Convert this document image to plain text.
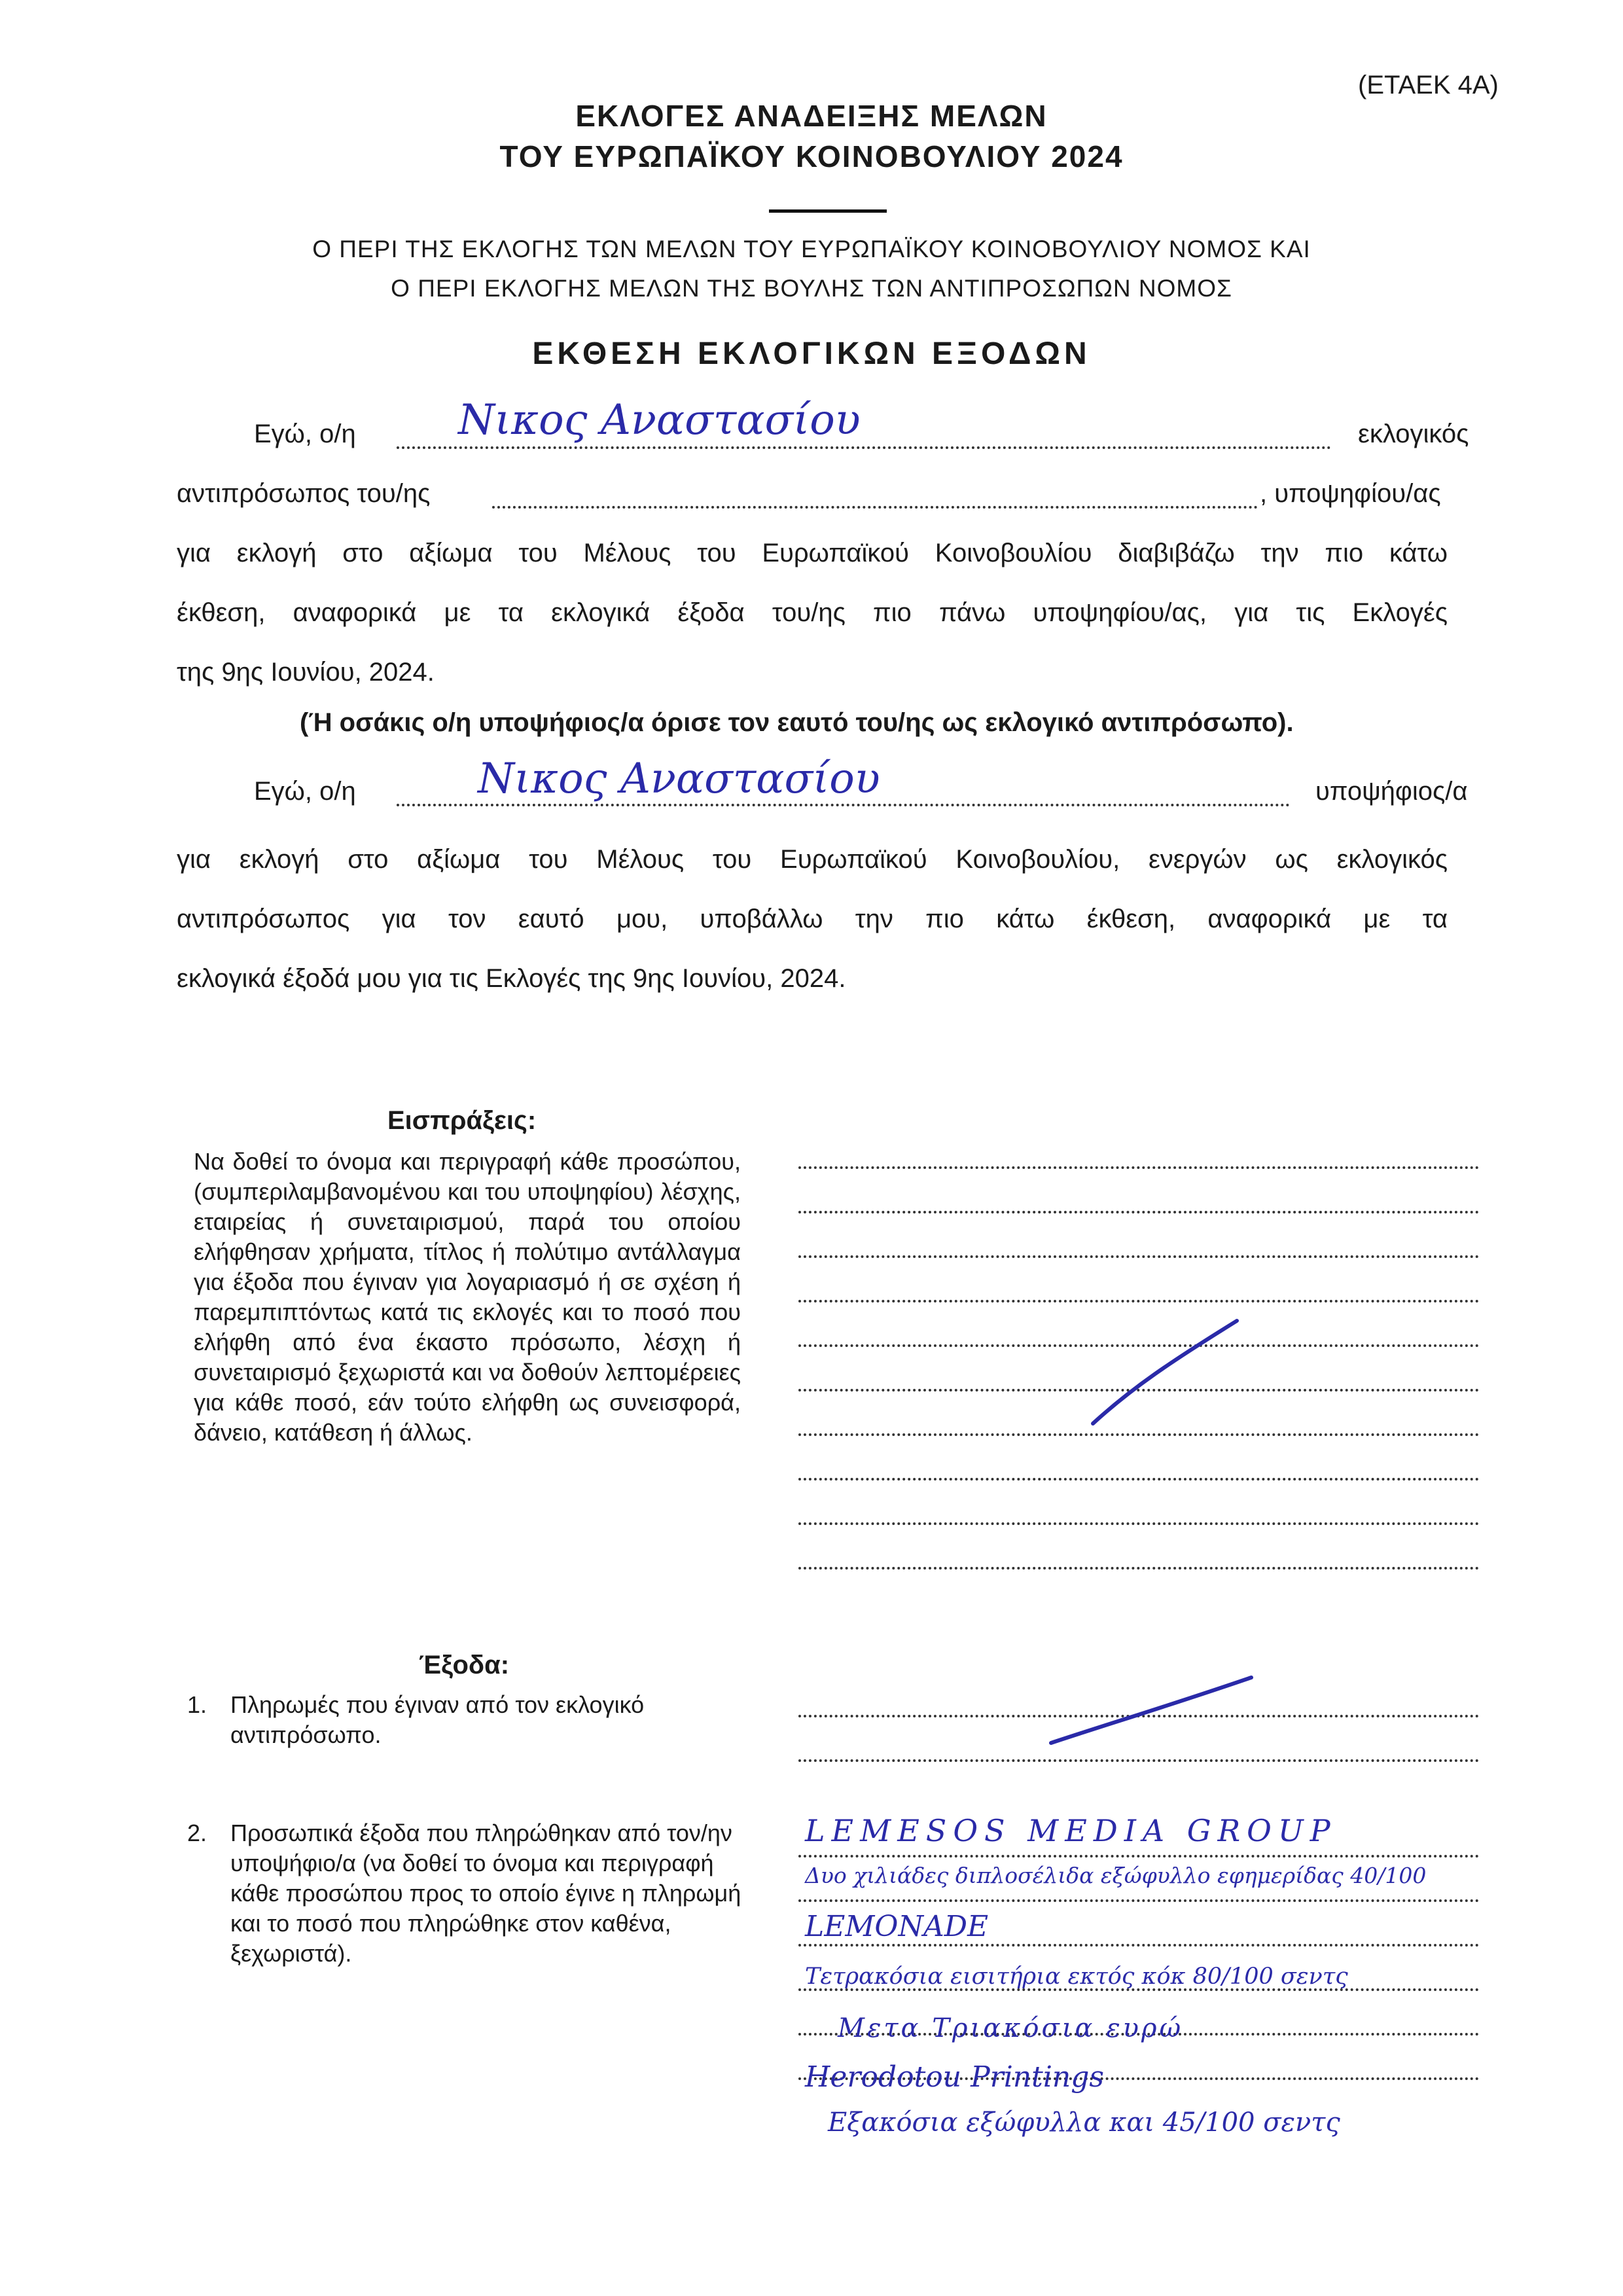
(ΕΤΑΕΚ 4Α)
ΕΚΛΟΓΕΣ ΑΝΑΔΕΙΞΗΣ ΜΕΛΩΝ
ΤΟΥ ΕΥΡΩΠΑΪΚΟΥ ΚΟΙΝΟΒΟΥΛΙΟΥ 2024
Ο ΠΕΡΙ ΤΗΣ ΕΚΛΟΓΗΣ ΤΩΝ ΜΕΛΩΝ ΤΟΥ ΕΥΡΩΠΑΪΚΟΥ ΚΟΙΝΟΒΟΥΛΙΟΥ ΝΟΜΟΣ ΚΑΙ
Ο ΠΕΡΙ ΕΚΛΟΓΗΣ ΜΕΛΩΝ ΤΗΣ ΒΟΥΛΗΣ ΤΩΝ ΑΝΤΙΠΡΟΣΩΠΩΝ ΝΟΜΟΣ
ΕΚΘΕΣΗ ΕΚΛΟΓΙΚΩΝ ΕΞΟΔΩΝ
Εγώ, ο/η Νικος Αναστασίου	εκλογικός
αντιπρόσωπος του/ης	, υποψηφίου/ας
για εκλογή στο αξίωμα του Μέλους του Ευρωπαϊκού Κοινοβουλίου διαβιβάζω την πιο κάτω
έκθεση, αναφορικά με τα εκλογικά έξοδα του/ης πιο πάνω υποψηφίου/ας, για τις Εκλογές
της 9ης Ιουνίου, 2024.
(Ή οσάκις ο/η υποψήφιος/α όρισε τον εαυτό του/ης ως εκλογικό αντιπρόσωπο).
Εγώ, ο/η	Νικος Αναστασίου	υποψήφιος/α
για εκλογή στο αξίωμα του Μέλους του Ευρωπαϊκού Κοινοβουλίου, ενεργών ως εκλογικός
αντιπρόσωπος για τον εαυτό μου, υποβάλλω την πιο κάτω έκθεση, αναφορικά με τα
εκλογικά έξοδά μου για τις Εκλογές της 9ης Ιουνίου, 2024.
Εισπράξεις:
Να δοθεί το όνομα και περιγραφή κάθε προσώπου, (συμπεριλαμβανομένου και του υποψηφίου) λέσχης, εταιρείας ή συνεταιρισμού, παρά του οποίου ελήφθησαν χρήματα, τίτλος ή πολύτιμο αντάλλαγμα για έξοδα που έγιναν για λογαριασμό ή σε σχέση ή παρεμπιπτόντως κατά τις εκλογές και το ποσό που ελήφθη από ένα έκαστο πρόσωπο, λέσχη ή συνεταιρισμό ξεχωριστά και να δοθούν λεπτομέρειες για κάθε ποσό, εάν τούτο ελήφθη ως συνεισφορά, δάνειο, κατάθεση ή άλλως.
Έξοδα:
1. Πληρωμές που έγιναν από τον εκλογικό αντιπρόσωπο.
2. Προσωπικά έξοδα που πληρώθηκαν από τον/ην υποψήφιο/α (να δοθεί το όνομα και περιγραφή κάθε προσώπου προς το οποίο έγινε η πληρωμή και το ποσό που πληρώθηκε στον καθένα, ξεχωριστά).
LEMESOS MEDIA GROUP
Δυο χιλιάδες διπλοσέλιδα εξώφυλλο εφημερίδας 40/100
LEMONADE
Τετρακόσια εισιτήρια εκτός κόκ 80/100 σεντς
Μετα Τριακόσια ευρώ
Herodotou Printings
Εξακόσια εξώφυλλα και 45/100 σεντς
